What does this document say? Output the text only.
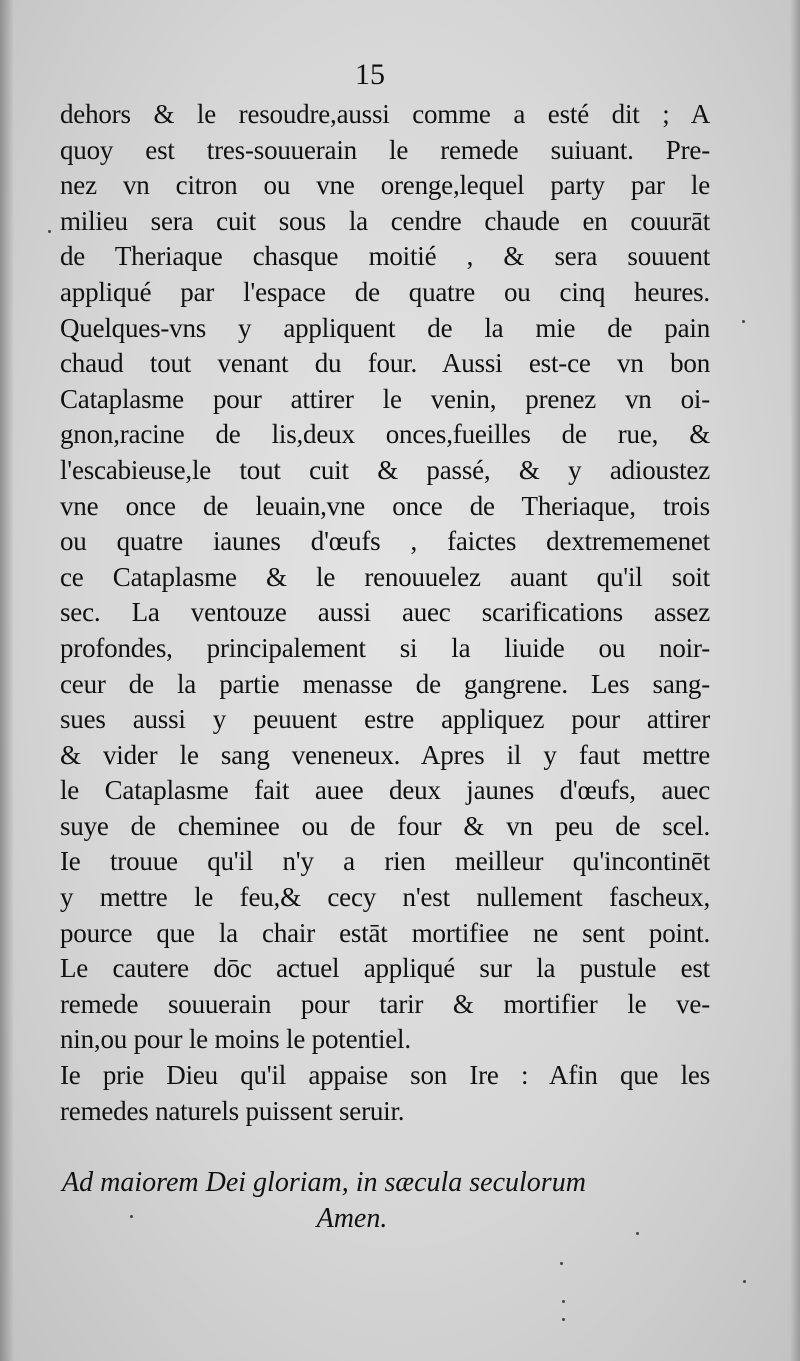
15
dehors & le resoudre,aussi comme a esté dit ; A
quoy est tres-souuerain le remede suiuant. Pre-
nez vn citron ou vne orenge,lequel party par le
milieu sera cuit sous la cendre chaude en couurāt
de Theriaque chasque moitié , & sera souuent
appliqué par l'espace de quatre ou cinq heures.
Quelques-vns y appliquent de la mie de pain
chaud tout venant du four. Aussi est-ce vn bon
Cataplasme pour attirer le venin, prenez vn oi-
gnon,racine de lis,deux onces,fueilles de rue, &
l'escabieuse,le tout cuit & passé, & y adioustez
vne once de leuain,vne once de Theriaque, trois
ou quatre iaunes d'œufs , faictes dextrememenet
ce Cataplasme & le renouuelez auant qu'il soit
sec. La ventouze aussi auec scarifications assez
profondes, principalement si la liuide ou noir-
ceur de la partie menasse de gangrene. Les sang-
sues aussi y peuuent estre appliquez pour attirer
& vider le sang veneneux. Apres il y faut mettre
le Cataplasme fait auee deux jaunes d'œufs, auec
suye de cheminee ou de four & vn peu de scel.
Ie trouue qu'il n'y a rien meilleur qu'incontinēt
y mettre le feu,& cecy n'est nullement fascheux,
pource que la chair estāt mortifiee ne sent point.
Le cautere dōc actuel appliqué sur la pustule est
remede souuerain pour tarir & mortifier le ve-
nin,ou pour le moins le potentiel.
Ie prie Dieu qu'il appaise son Ire : Afin que les
remedes naturels puissent seruir.
Ad maiorem Dei gloriam, in sæcula seculorum
Amen.
